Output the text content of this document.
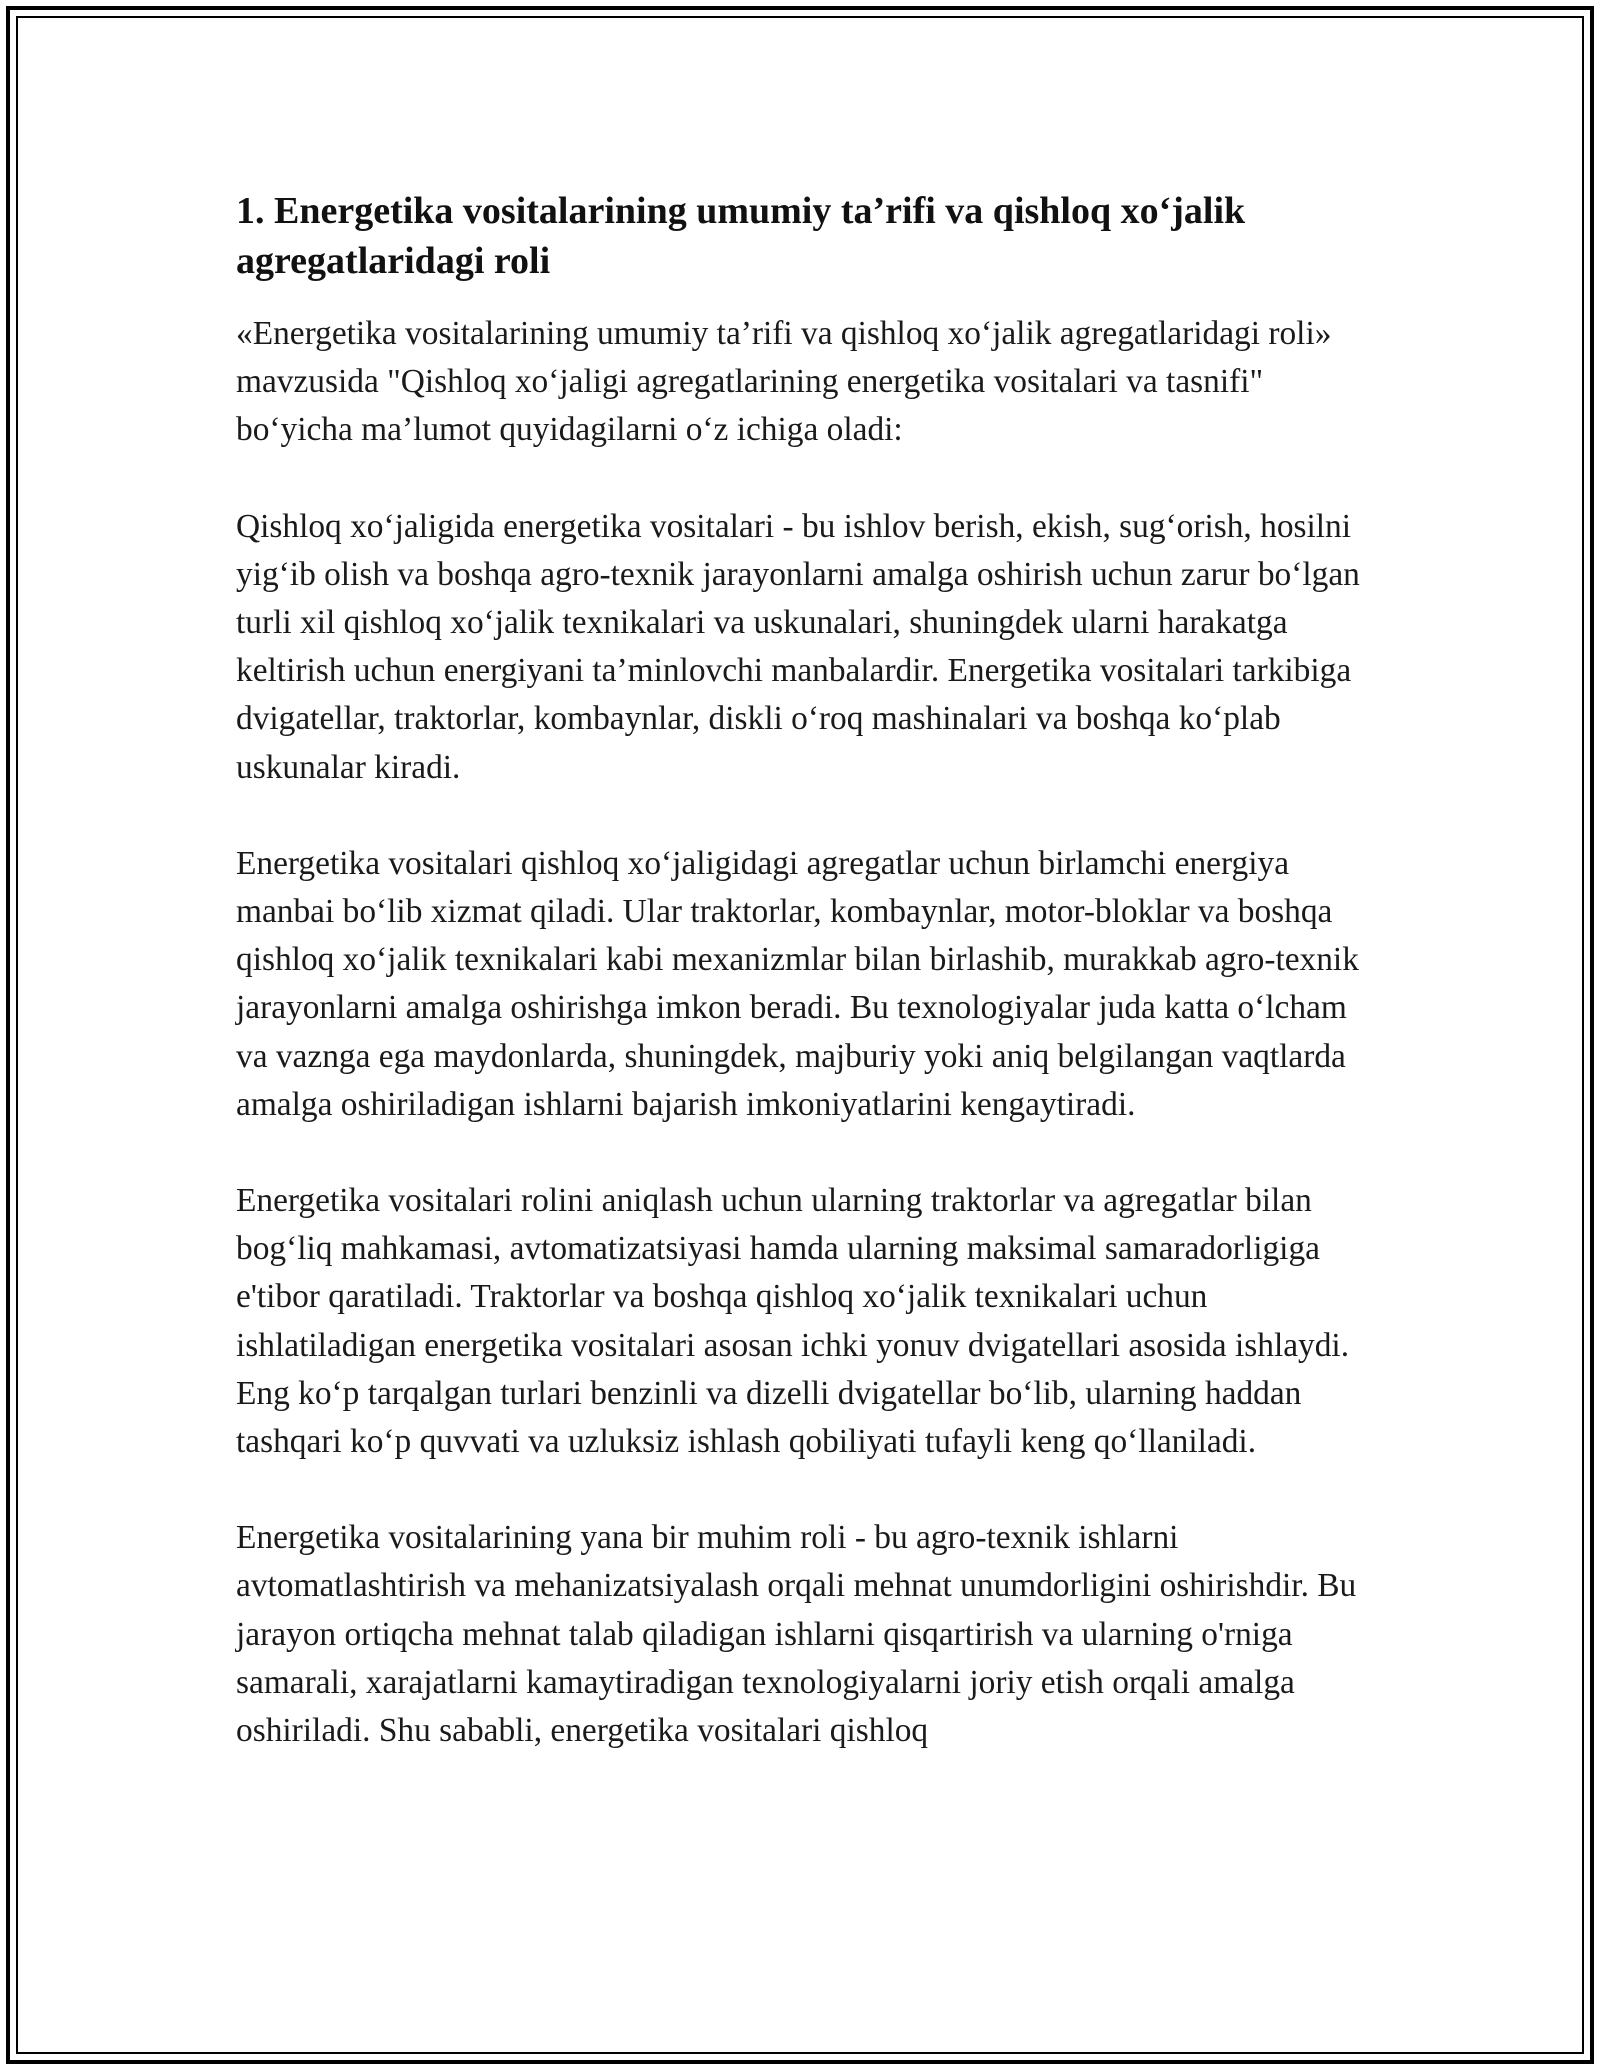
1. Energetika vositalarining umumiy ta’rifi va qishloq xo‘jalik agregatlaridagi roli

«Energetika vositalarining umumiy ta’rifi va qishloq xo‘jalik agregatlaridagi roli» mavzusida "Qishloq xo‘jaligi agregatlarining energetika vositalari va tasnifi" bo‘yicha ma’lumot quyidagilarni o‘z ichiga oladi:

Qishloq xo‘jaligida energetika vositalari - bu ishlov berish, ekish, sug‘orish, hosilni yig‘ib olish va boshqa agro-texnik jarayonlarni amalga oshirish uchun zarur bo‘lgan turli xil qishloq xo‘jalik texnikalari va uskunalari, shuningdek ularni harakatga keltirish uchun energiyani ta’minlovchi manbalardir. Energetika vositalari tarkibiga dvigatellar, traktorlar, kombaynlar, diskli o‘roq mashinalari va boshqa ko‘plab uskunalar kiradi.

Energetika vositalari qishloq xo‘jaligidagi agregatlar uchun birlamchi energiya manbai bo‘lib xizmat qiladi. Ular traktorlar, kombaynlar, motor-bloklar va boshqa qishloq xo‘jalik texnikalari kabi mexanizmlar bilan birlashib, murakkab agro-texnik jarayonlarni amalga oshirishga imkon beradi. Bu texnologiyalar juda katta o‘lcham va vaznga ega maydonlarda, shuningdek, majburiy yoki aniq belgilangan vaqtlarda amalga oshiriladigan ishlarni bajarish imkoniyatlarini kengaytiradi.

Energetika vositalari rolini aniqlash uchun ularning traktorlar va agregatlar bilan bog‘liq mahkamasi, avtomatizatsiyasi hamda ularning maksimal samaradorligiga e'tibor qaratiladi. Traktorlar va boshqa qishloq xo‘jalik texnikalari uchun ishlatiladigan energetika vositalari asosan ichki yonuv dvigatellari asosida ishlaydi. Eng ko‘p tarqalgan turlari benzinli va dizelli dvigatellar bo‘lib, ularning haddan tashqari ko‘p quvvati va uzluksiz ishlash qobiliyati tufayli keng qo‘llaniladi.

Energetika vositalarining yana bir muhim roli - bu agro-texnik ishlarni avtomatlashtirish va mehanizatsiyalash orqali mehnat unumdorligini oshirishdir. Bu jarayon ortiqcha mehnat talab qiladigan ishlarni qisqartirish va ularning o'rniga samarali, xarajatlarni kamaytiradigan texnologiyalarni joriy etish orqali amalga oshiriladi. Shu sababli, energetika vositalari qishloq
